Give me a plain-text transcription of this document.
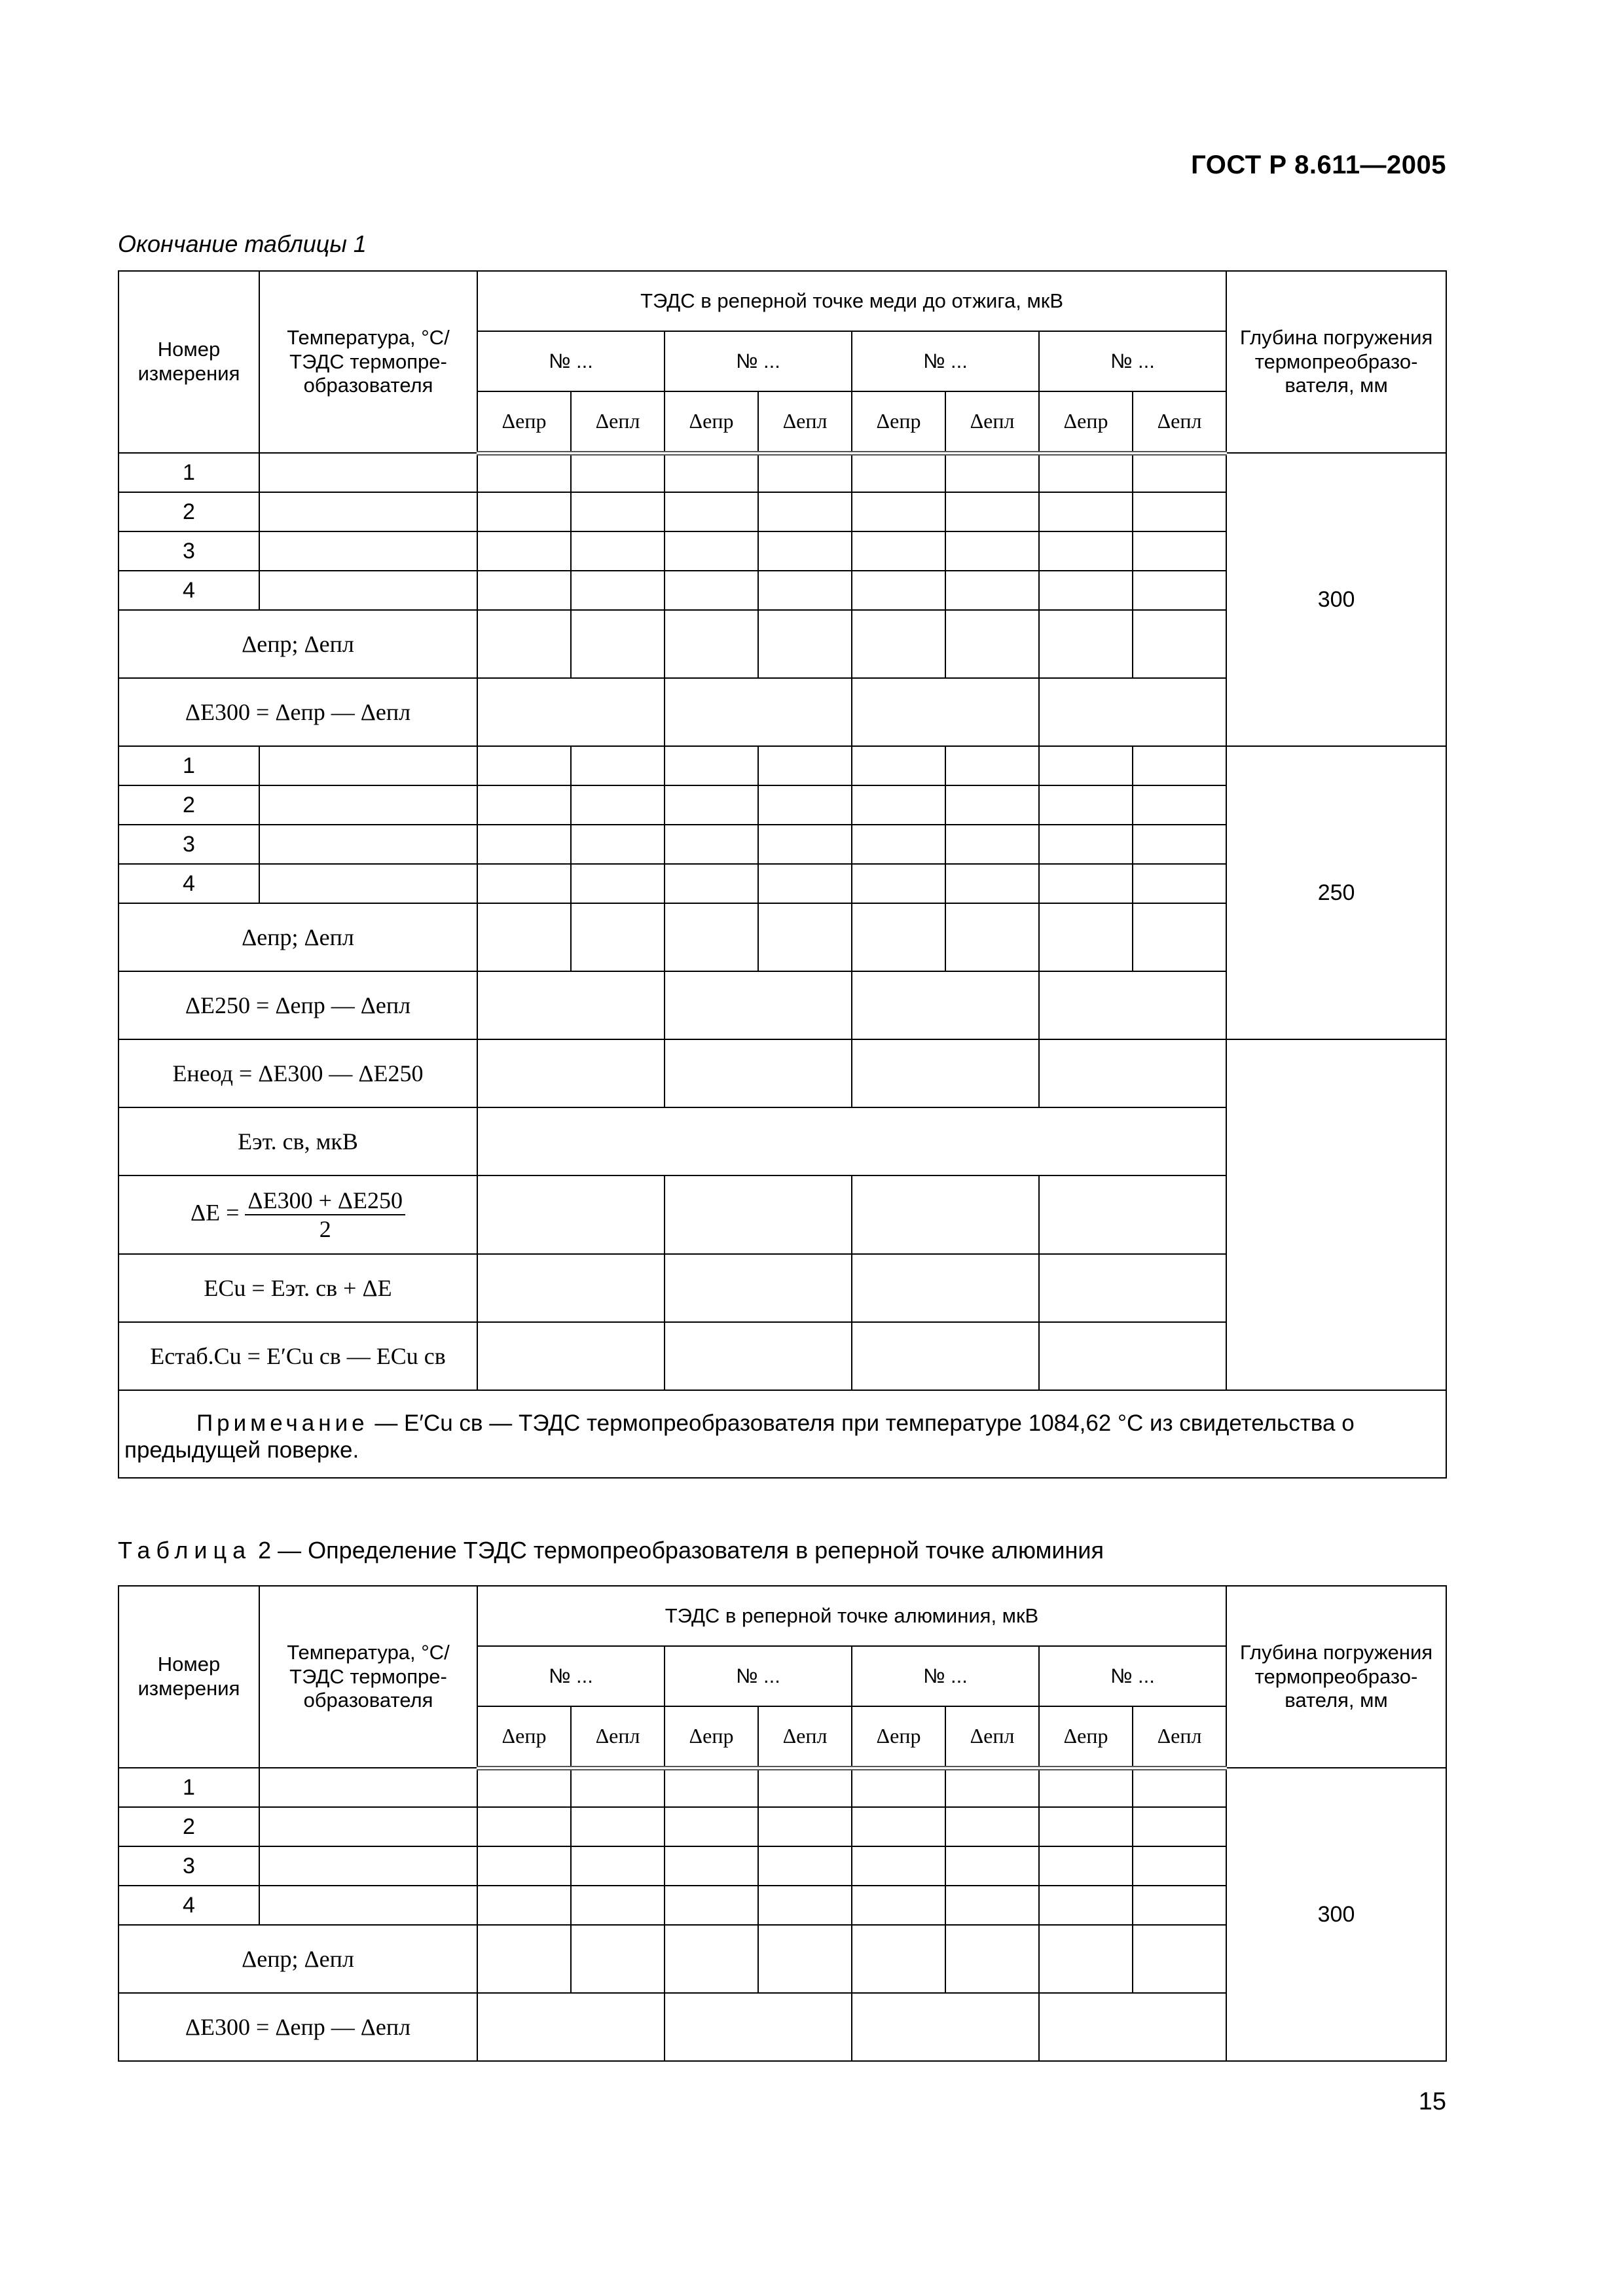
ГОСТ Р 8.611—2005
Окончание таблицы 1
Номер измерения	Температура, °С/ТЭДС термопре-образователя	ТЭДС в реперной точке меди до отжига, мкВ								Глубина погружения термопреобразо-вателя, мм
		№ ...		№ ...		№ ...		№ ...		
		Δeпр	Δeпл	Δeпр	Δeпл	Δeпр	Δeпл	Δeпр	Δeпл	
1										300
2										
3										
4										
Δeпр; Δeпл										
ΔE300 = Δeпр — Δeпл										
1										250
2										
3										
4										
Δeпр; Δeпл										
ΔE250 = Δeпр — Δeпл										
Eнеод = ΔE300 — ΔE250										
Eэт. св, мкВ										
$\Delta E = \frac{\Delta E300 + \Delta E250}{2}$

ECu = Eэт. св + ΔE										
Eстаб.Cu = E′Cu св — ECu св										
Примечание — E′Cu св — ТЭДС термопреобразователя при температуре 1084,62 °С из свидетельства о предыдущей поверке.										
Таблица 2 — Определение ТЭДС термопреобразователя в реперной точке алюминия
Номер измерения	Температура, °С/ТЭДС термопре-образователя	ТЭДС в реперной точке алюминия, мкВ								Глубина погружения термопреобразо-вателя, мм
		№ ...		№ ...		№ ...		№ ...		
		Δeпр	Δeпл	Δeпр	Δeпл	Δeпр	Δeпл	Δeпр	Δeпл	
1										300
2										
3										
4										
Δeпр; Δeпл										
ΔE300 = Δeпр — Δeпл										
15
